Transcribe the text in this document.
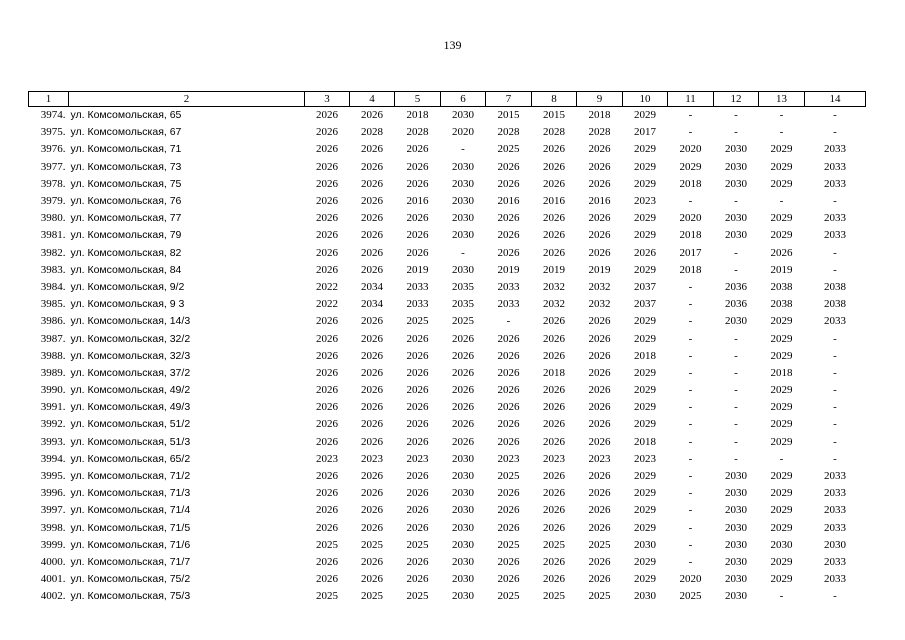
139
1	2	3	4	5	6	7	8	9	10	11	12	13	14
3974.	ул. Комсомольская, 65	2026	2026	2018	2030	2015	2015	2018	2029	-	-	-	-
3975.	ул. Комсомольская, 67	2026	2028	2028	2020	2028	2028	2028	2017	-	-	-	-
3976.	ул. Комсомольская, 71	2026	2026	2026	-	2025	2026	2026	2029	2020	2030	2029	2033
3977.	ул. Комсомольская, 73	2026	2026	2026	2030	2026	2026	2026	2029	2029	2030	2029	2033
3978.	ул. Комсомольская, 75	2026	2026	2026	2030	2026	2026	2026	2029	2018	2030	2029	2033
3979.	ул. Комсомольская, 76	2026	2026	2016	2030	2016	2016	2016	2023	-	-	-	-
3980.	ул. Комсомольская, 77	2026	2026	2026	2030	2026	2026	2026	2029	2020	2030	2029	2033
3981.	ул. Комсомольская, 79	2026	2026	2026	2030	2026	2026	2026	2029	2018	2030	2029	2033
3982.	ул. Комсомольская, 82	2026	2026	2026	-	2026	2026	2026	2026	2017	-	2026	-
3983.	ул. Комсомольская, 84	2026	2026	2019	2030	2019	2019	2019	2029	2018	-	2019	-
3984.	ул. Комсомольская, 9/2	2022	2034	2033	2035	2033	2032	2032	2037	-	2036	2038	2038
3985.	ул. Комсомольская, 9 3	2022	2034	2033	2035	2033	2032	2032	2037	-	2036	2038	2038
3986.	ул. Комсомольская, 14/3	2026	2026	2025	2025	-	2026	2026	2029	-	2030	2029	2033
3987.	ул. Комсомольская, 32/2	2026	2026	2026	2026	2026	2026	2026	2029	-	-	2029	-
3988.	ул. Комсомольская, 32/3	2026	2026	2026	2026	2026	2026	2026	2018	-	-	2029	-
3989.	ул. Комсомольская, 37/2	2026	2026	2026	2026	2026	2018	2026	2029	-	-	2018	-
3990.	ул. Комсомольская, 49/2	2026	2026	2026	2026	2026	2026	2026	2029	-	-	2029	-
3991.	ул. Комсомольская, 49/3	2026	2026	2026	2026	2026	2026	2026	2029	-	-	2029	-
3992.	ул. Комсомольская, 51/2	2026	2026	2026	2026	2026	2026	2026	2029	-	-	2029	-
3993.	ул. Комсомольская, 51/3	2026	2026	2026	2026	2026	2026	2026	2018	-	-	2029	-
3994.	ул. Комсомольская, 65/2	2023	2023	2023	2030	2023	2023	2023	2023	-	-	-	-
3995.	ул. Комсомольская, 71/2	2026	2026	2026	2030	2025	2026	2026	2029	-	2030	2029	2033
3996.	ул. Комсомольская, 71/3	2026	2026	2026	2030	2026	2026	2026	2029	-	2030	2029	2033
3997.	ул. Комсомольская, 71/4	2026	2026	2026	2030	2026	2026	2026	2029	-	2030	2029	2033
3998.	ул. Комсомольская, 71/5	2026	2026	2026	2030	2026	2026	2026	2029	-	2030	2029	2033
3999.	ул. Комсомольская, 71/6	2025	2025	2025	2030	2025	2025	2025	2030	-	2030	2030	2030
4000.	ул. Комсомольская, 71/7	2026	2026	2026	2030	2026	2026	2026	2029	-	2030	2029	2033
4001.	ул. Комсомольская, 75/2	2026	2026	2026	2030	2026	2026	2026	2029	2020	2030	2029	2033
4002.	ул. Комсомольская, 75/3	2025	2025	2025	2030	2025	2025	2025	2030	2025	2030	-	-
